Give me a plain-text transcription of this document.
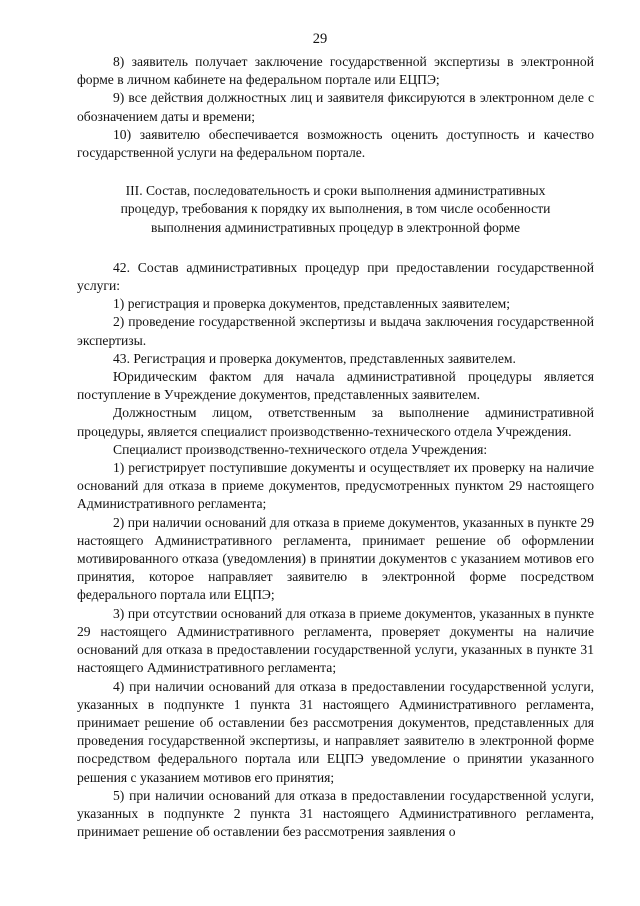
29

8) заявитель получает заключение государственной экспертизы в электронной форме в личном кабинете на федеральном портале или ЕЦПЭ;

9) все действия должностных лиц и заявителя фиксируются в электронном деле с обозначением даты и времени;

10) заявителю обеспечивается возможность оценить доступность и качество государственной услуги на федеральном портале.

III. Состав, последовательность и сроки выполнения административных
процедур, требования к порядку их выполнения, в том числе особенности
выполнения административных процедур в электронной форме

42. Состав административных процедур при предоставлении государственной услуги:

1) регистрация и проверка документов, представленных заявителем;

2) проведение государственной экспертизы и выдача заключения государственной экспертизы.

43. Регистрация и проверка документов, представленных заявителем.

Юридическим фактом для начала административной процедуры является поступление в Учреждение документов, представленных заявителем.

Должностным лицом, ответственным за выполнение административной процедуры, является специалист производственно-технического отдела Учреждения.

Специалист производственно-технического отдела Учреждения:

1) регистрирует поступившие документы и осуществляет их проверку на наличие оснований для отказа в приеме документов, предусмотренных пунктом 29 настоящего Административного регламента;

2) при наличии оснований для отказа в приеме документов, указанных в пункте 29 настоящего Административного регламента, принимает решение об оформлении мотивированного отказа (уведомления) в принятии документов с указанием мотивов его принятия, которое направляет заявителю в электронной форме посредством федерального портала или ЕЦПЭ;

3) при отсутствии оснований для отказа в приеме документов, указанных в пункте 29 настоящего Административного регламента, проверяет документы на наличие оснований для отказа в предоставлении государственной услуги, указанных в пункте 31 настоящего Административного регламента;

4) при наличии оснований для отказа в предоставлении государственной услуги, указанных в подпункте 1 пункта 31 настоящего Административного регламента, принимает решение об оставлении без рассмотрения документов, представленных для проведения государственной экспертизы, и направляет заявителю в электронной форме посредством федерального портала или ЕЦПЭ уведомление о принятии указанного решения с указанием мотивов его принятия;

5) при наличии оснований для отказа в предоставлении государственной услуги, указанных в подпункте 2 пункта 31 настоящего Административного регламента, принимает решение об оставлении без рассмотрения заявления о
